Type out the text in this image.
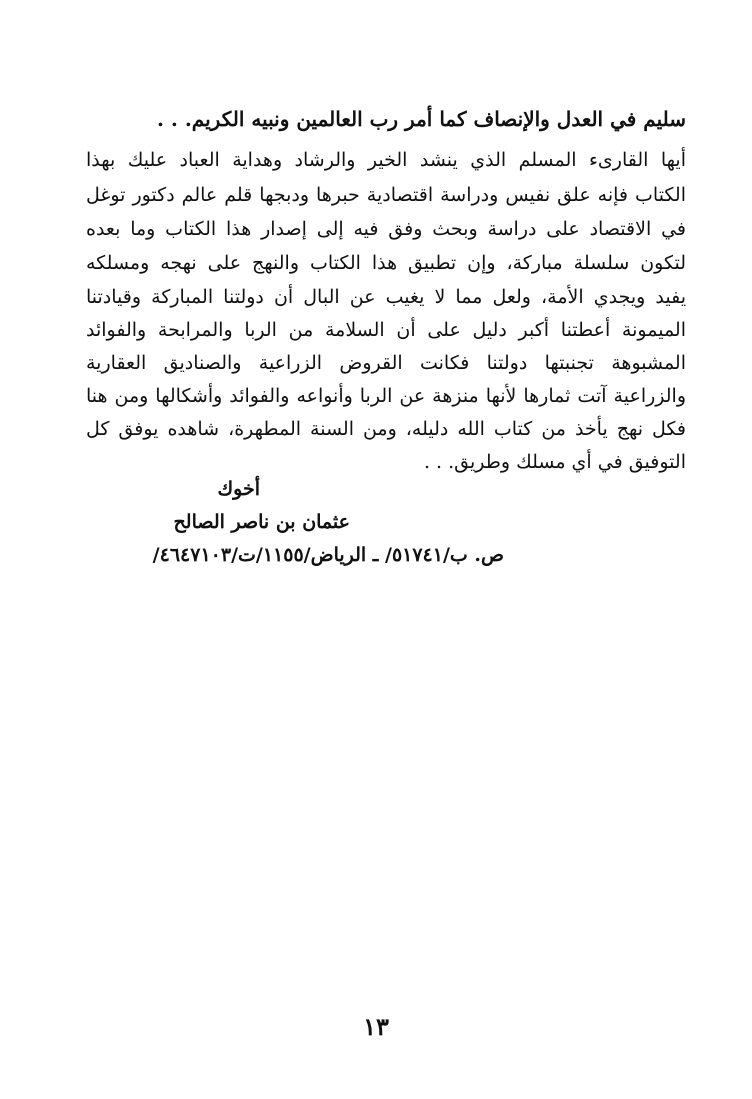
سليم في العدل والإنصاف كما أمر رب العالمين ونبيه الكريم. . .
أيها القارىء المسلم الذي ينشد الخير والرشاد وهداية العباد عليك بهذا
الكتاب فإنه علق نفيس ودراسة اقتصادية حبرها ودبجها قلم عالم دكتور توغل
في الاقتصاد على دراسة وبحث وفق فيه إلى إصدار هذا الكتاب وما بعده
لتكون سلسلة مباركة، وإن تطبيق هذا الكتاب والنهج على نهجه ومسلكه
يفيد ويجدي الأمة، ولعل مما لا يغيب عن البال أن دولتنا المباركة وقيادتنا
الميمونة أعطتنا أكبر دليل على أن السلامة من الربا والمرابحة والفوائد
المشبوهة تجنبتها دولتنا فكانت القروض الزراعية والصناديق العقارية
والزراعية آتت ثمارها لأنها منزهة عن الربا وأنواعه والفوائد وأشكالها ومن هنا
فكل نهج يأخذ من كتاب الله دليله، ومن السنة المطهرة، شاهده يوفق كل
التوفيق في أي مسلك وطريق. . .
أخوك
عثمان بن ناصر الصالح
ص. ب/٥١٧٤١/ ـ الرياض/١١٥٥/ت/٤٦٤٧١٠٣/
١٣
